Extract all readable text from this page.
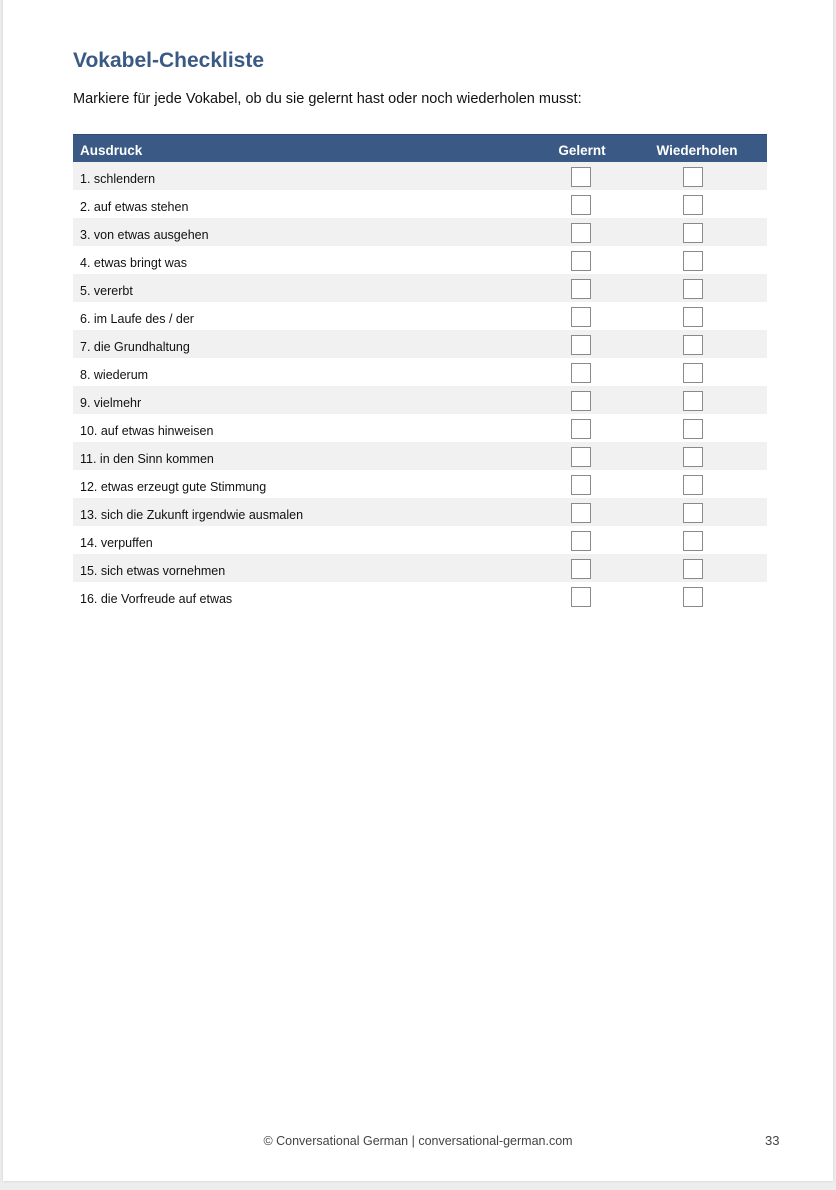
Vokabel-Checkliste

Markiere für jede Vokabel, ob du sie gelernt hast oder noch wiederholen musst:

Ausdruck	Gelernt	Wiederholen
1. schlendern
2. auf etwas stehen
3. von etwas ausgehen
4. etwas bringt was
5. vererbt
6. im Laufe des / der
7. die Grundhaltung
8. wiederum
9. vielmehr
10. auf etwas hinweisen
11. in den Sinn kommen
12. etwas erzeugt gute Stimmung
13. sich die Zukunft irgendwie ausmalen
14. verpuffen
15. sich etwas vornehmen
16. die Vorfreude auf etwas
© Conversational German | conversational-german.com	33
